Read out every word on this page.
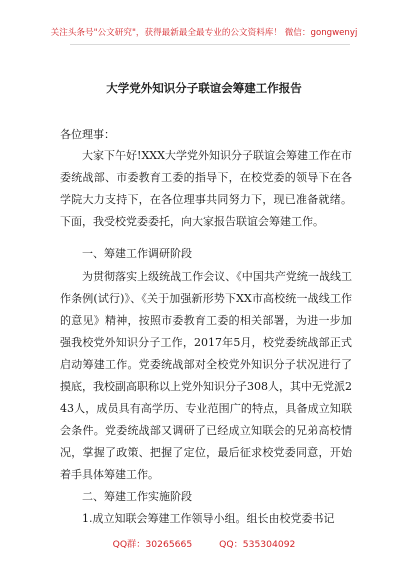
关注头条号"公文研究"，获得最新最全最专业的公文资料库！ 微信：gongwenyj
大学党外知识分子联谊会筹建工作报告
各位理事：
大家下午好!XXX大学党外知识分子联谊会筹建工作在市委统战部、市委教育工委的指导下，在校党委的领导下在各学院大力支持下，在各位理事共同努力下，现已准备就绪。下面，我受校党委委托，向大家报告联谊会筹建工作。
一、筹建工作调研阶段
为贯彻落实上级统战工作会议、《中国共产党统一战线工作条例(试行)》、《关于加强新形势下XX市高校统一战线工作的意见》精神，按照市委教育工委的相关部署，为进一步加强我校党外知识分子工作，2017年5月，校党委统战部正式启动筹建工作。党委统战部对全校党外知识分子状况进行了摸底，我校副高职称以上党外知识分子308人，其中无党派243人，成员具有高学历、专业范围广的特点，具备成立知联会条件。党委统战部又调研了已经成立知联会的兄弟高校情况，掌握了政策、把握了定位，最后征求校党委同意，开始着手具体筹建工作。
二、筹建工作实施阶段
1.成立知联会筹建工作领导小组。组长由校党委书记
QQ群：30265665	QQ：535304092
